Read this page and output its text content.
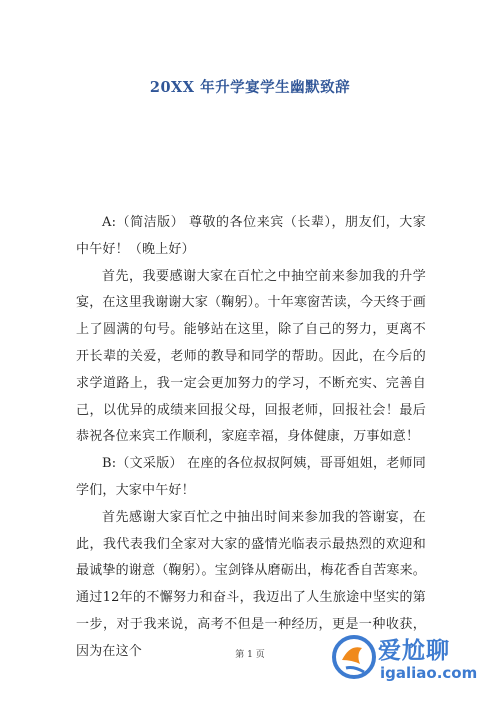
20XX 年升学宴学生幽默致辞

A:（简洁版） 尊敬的各位来宾（长辈），朋友们，大家中午好！（晚上好）

首先，我要感谢大家在百忙之中抽空前来参加我的升学宴，在这里我谢谢大家（鞠躬）。十年寒窗苦读，今天终于画上了圆满的句号。能够站在这里，除了自己的努力，更离不开长辈的关爱，老师的教导和同学的帮助。因此，在今后的求学道路上，我一定会更加努力的学习，不断充实、完善自己，以优异的成绩来回报父母，回报老师，回报社会！最后恭祝各位来宾工作顺利，家庭幸福，身体健康，万事如意！

B:（文采版） 在座的各位叔叔阿姨，哥哥姐姐，老师同学们，大家中午好！

首先感谢大家百忙之中抽出时间来参加我的答谢宴，在此，我代表我们全家对大家的盛情光临表示最热烈的欢迎和最诚挚的谢意（鞠躬）。宝剑锋从磨砺出，梅花香自苦寒来。通过12年的不懈努力和奋斗，我迈出了人生旅途中坚实的第一步，对于我来说，高考不但是一种经历，更是一种收获，因为在这个	第 1 页	爱尬聊
igaliao.com
